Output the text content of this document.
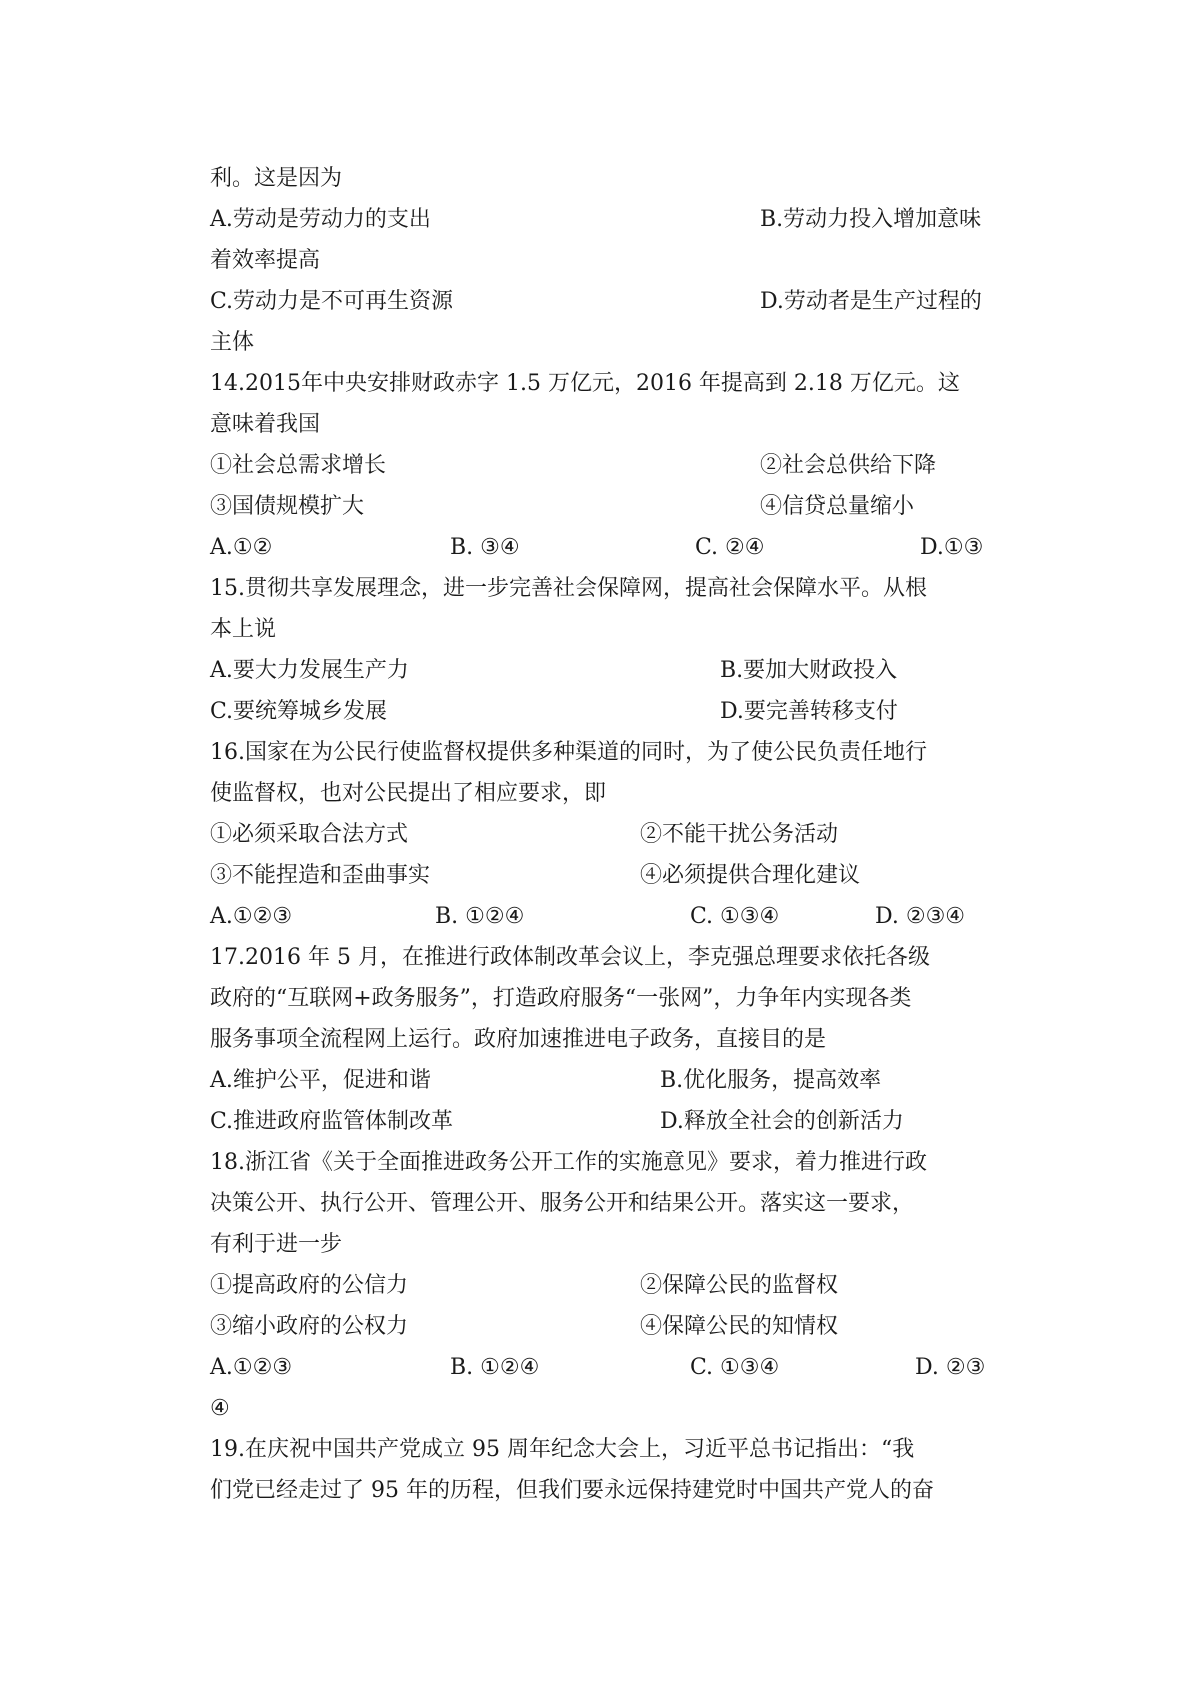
利。这是因为
A.劳动是劳动力的支出	B.劳动力投入增加意味
着效率提高
C.劳动力是不可再生资源	D.劳动者是生产过程的
主体
14.2015年中央安排财政赤字 1.5 万亿元，2016 年提高到 2.18 万亿元。这
意味着我国
①社会总需求增长	②社会总供给下降
③国债规模扩大	④信贷总量缩小
A.①②	B. ③④	C. ②④	D.①③
15.贯彻共享发展理念，进一步完善社会保障网，提高社会保障水平。从根
本上说
A.要大力发展生产力	B.要加大财政投入
C.要统筹城乡发展	D.要完善转移支付
16.国家在为公民行使监督权提供多种渠道的同时，为了使公民负责任地行
使监督权，也对公民提出了相应要求，即
①必须采取合法方式	②不能干扰公务活动
③不能捏造和歪曲事实	④必须提供合理化建议
A.①②③	B. ①②④	C. ①③④	D. ②③④
17.2016 年 5 月，在推进行政体制改革会议上，李克强总理要求依托各级
政府的“互联网+政务服务”，打造政府服务“一张网”，力争年内实现各类
服务事项全流程网上运行。政府加速推进电子政务，直接目的是
A.维护公平，促进和谐	B.优化服务，提高效率
C.推进政府监管体制改革	D.释放全社会的创新活力
18.浙江省《关于全面推进政务公开工作的实施意见》要求，着力推进行政
决策公开、执行公开、管理公开、服务公开和结果公开。落实这一要求，
有利于进一步
①提高政府的公信力	②保障公民的监督权
③缩小政府的公权力	④保障公民的知情权
A.①②③	B. ①②④	C. ①③④	D. ②③
④
19.在庆祝中国共产党成立 95 周年纪念大会上，习近平总书记指出：“我
们党已经走过了 95 年的历程，但我们要永远保持建党时中国共产党人的奋
